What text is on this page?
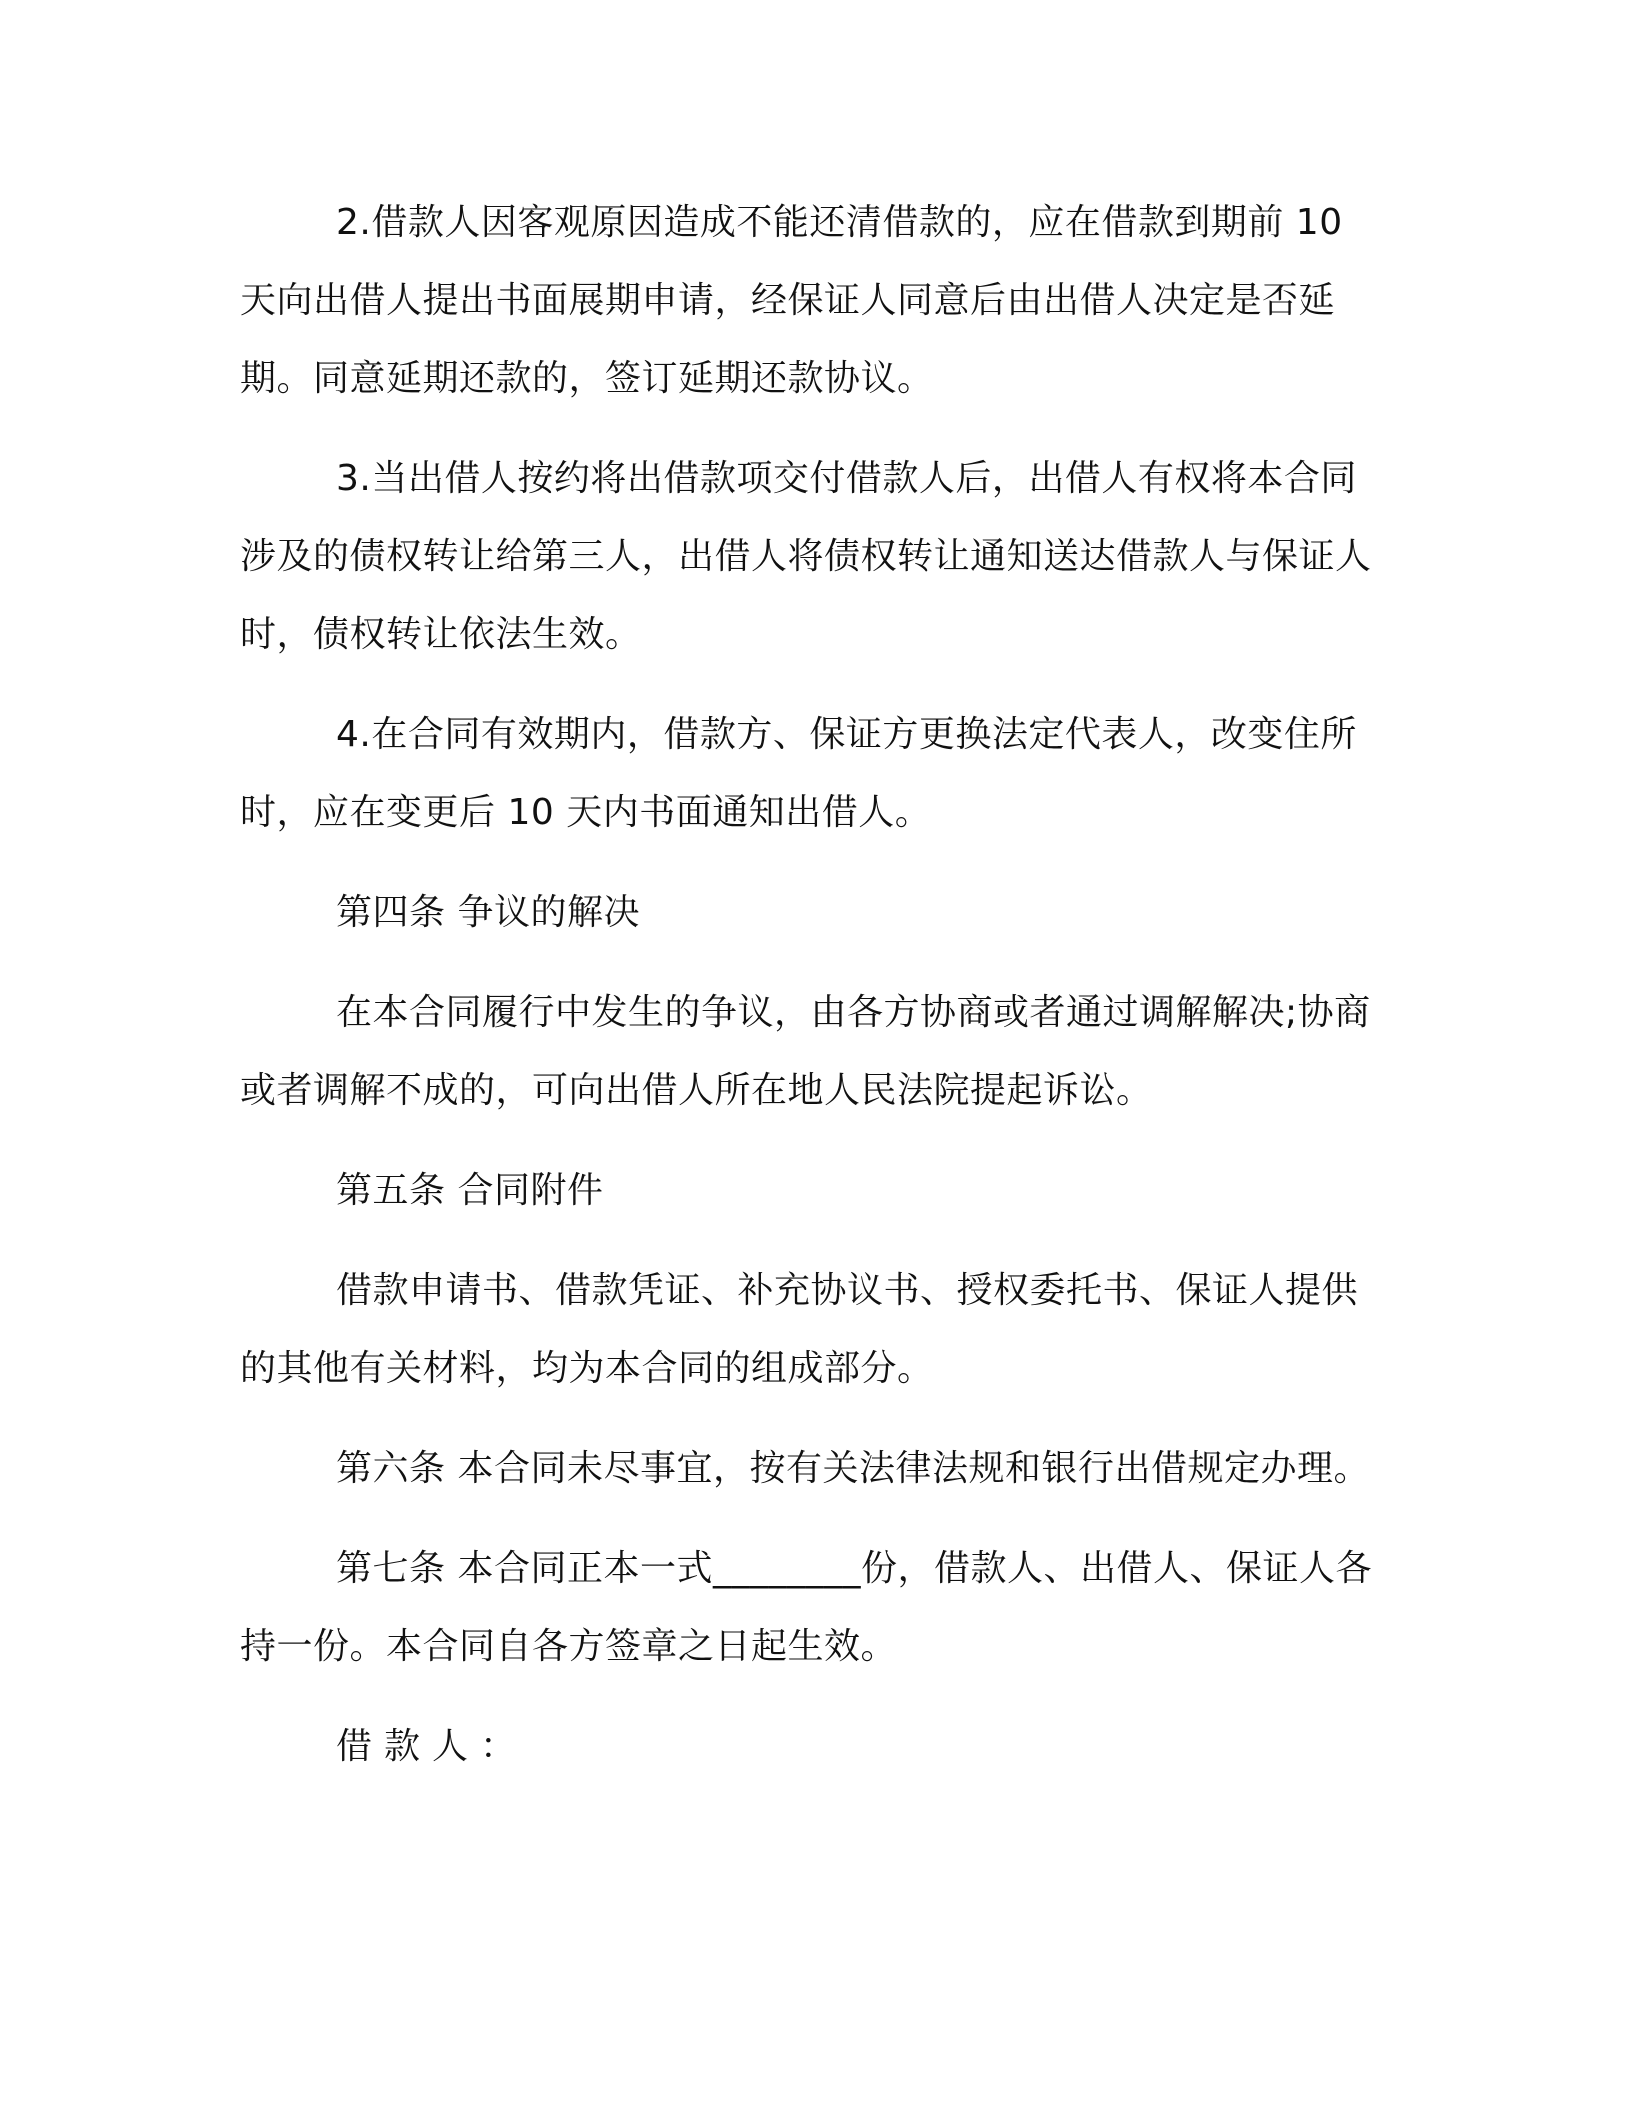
2.借款人因客观原因造成不能还清借款的，应在借款到期前 10 天向出借人提出书面展期申请，经保证人同意后由出借人决定是否延期。同意延期还款的，签订延期还款协议。

3.当出借人按约将出借款项交付借款人后，出借人有权将本合同涉及的债权转让给第三人，出借人将债权转让通知送达借款人与保证人时，债权转让依法生效。

4.在合同有效期内，借款方、保证方更换法定代表人，改变住所时，应在变更后 10 天内书面通知出借人。

第四条 争议的解决

在本合同履行中发生的争议，由各方协商或者通过调解解决;协商或者调解不成的，可向出借人所在地人民法院提起诉讼。

第五条 合同附件

借款申请书、借款凭证、补充协议书、授权委托书、保证人提供的其他有关材料，均为本合同的组成部分。

第六条 本合同未尽事宜，按有关法律法规和银行出借规定办理。

第七条 本合同正本一式________份，借款人、出借人、保证人各持一份。本合同自各方签章之日起生效。

借款人：
